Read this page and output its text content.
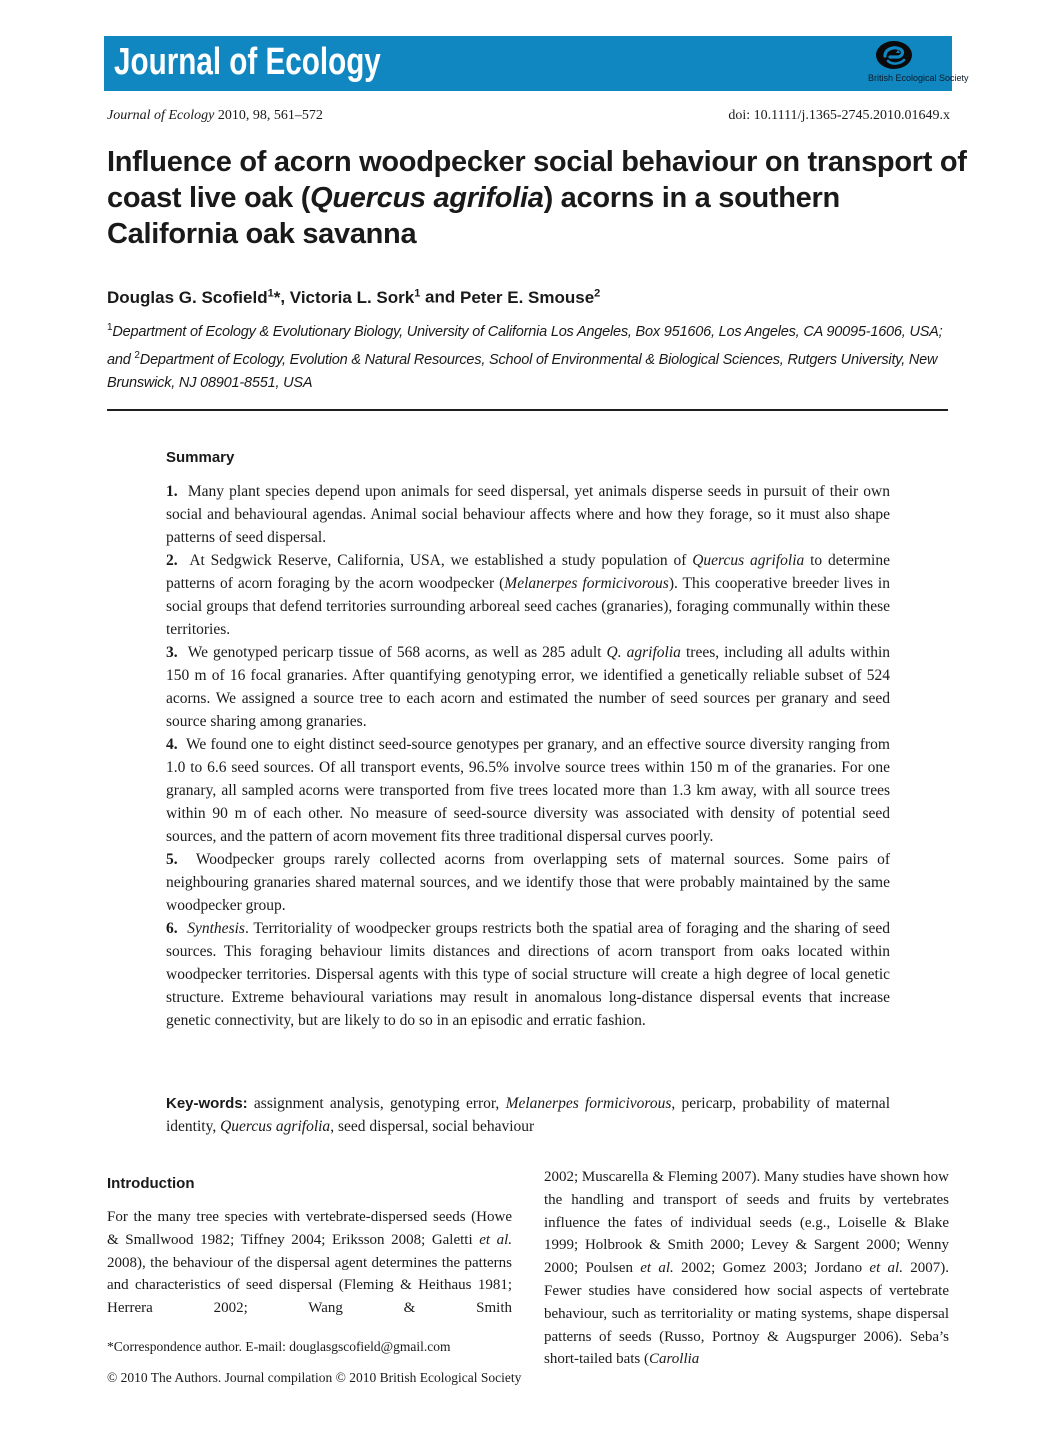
Journal of Ecology	British Ecological Society
Journal of Ecology 2010, 98, 561–572	doi: 10.1111/j.1365-2745.2010.01649.x
Influence of acorn woodpecker social behaviour on transport of coast live oak (Quercus agrifolia) acorns in a southern California oak savanna
Douglas G. Scofield$^1$*, Victoria L. Sork$^1$ and Peter E. Smouse$^2$
$^1$Department of Ecology & Evolutionary Biology, University of California Los Angeles, Box 951606, Los Angeles, CA 90095-1606, USA; and $^2$Department of Ecology, Evolution & Natural Resources, School of Environmental & Biological Sciences, Rutgers University, New Brunswick, NJ 08901-8551, USA
Summary

1.  Many plant species depend upon animals for seed dispersal, yet animals disperse seeds in pursuit of their own social and behavioural agendas. Animal social behaviour affects where and how they forage, so it must also shape patterns of seed dispersal.

2.  At Sedgwick Reserve, California, USA, we established a study population of Quercus agrifolia to determine patterns of acorn foraging by the acorn woodpecker (Melanerpes formicivorous). This cooperative breeder lives in social groups that defend territories surrounding arboreal seed caches (granaries), foraging communally within these territories.

3.  We genotyped pericarp tissue of 568 acorns, as well as 285 adult Q. agrifolia trees, including all adults within 150 m of 16 focal granaries. After quantifying genotyping error, we identified a genetically reliable subset of 524 acorns. We assigned a source tree to each acorn and estimated the number of seed sources per granary and seed source sharing among granaries.

4.  We found one to eight distinct seed-source genotypes per granary, and an effective source diversity ranging from 1.0 to 6.6 seed sources. Of all transport events, 96.5% involve source trees within 150 m of the granaries. For one granary, all sampled acorns were transported from five trees located more than 1.3 km away, with all source trees within 90 m of each other. No measure of seed-source diversity was associated with density of potential seed sources, and the pattern of acorn movement fits three traditional dispersal curves poorly.

5.  Woodpecker groups rarely collected acorns from overlapping sets of maternal sources. Some pairs of neighbouring granaries shared maternal sources, and we identify those that were probably maintained by the same woodpecker group.

6.  Synthesis. Territoriality of woodpecker groups restricts both the spatial area of foraging and the sharing of seed sources. This foraging behaviour limits distances and directions of acorn transport from oaks located within woodpecker territories. Dispersal agents with this type of social structure will create a high degree of local genetic structure. Extreme behavioural variations may result in anomalous long-distance dispersal events that increase genetic connectivity, but are likely to do so in an episodic and erratic fashion.

Key-words: assignment analysis, genotyping error, Melanerpes formicivorous, pericarp, probability of maternal identity, Quercus agrifolia, seed dispersal, social behaviour
Introduction
For the many tree species with vertebrate-dispersed seeds (Howe & Smallwood 1982; Tiffney 2004; Eriksson 2008; Galetti et al. 2008), the behaviour of the dispersal agent determines the patterns and characteristics of seed dispersal (Fleming & Heithaus 1981; Herrera 2002; Wang & Smith
2002; Muscarella & Fleming 2007). Many studies have shown how the handling and transport of seeds and fruits by vertebrates influence the fates of individual seeds (e.g., Loiselle & Blake 1999; Holbrook & Smith 2000; Levey & Sargent 2000; Wenny 2000; Poulsen et al. 2002; Gomez 2003; Jordano et al. 2007). Fewer studies have considered how social aspects of vertebrate behaviour, such as territoriality or mating systems, shape dispersal patterns of seeds (Russo, Portnoy & Augspurger 2006). Seba’s short-tailed bats (Carollia
*Correspondence author. E-mail: douglasgscofield@gmail.com
© 2010 The Authors. Journal compilation © 2010 British Ecological Society
